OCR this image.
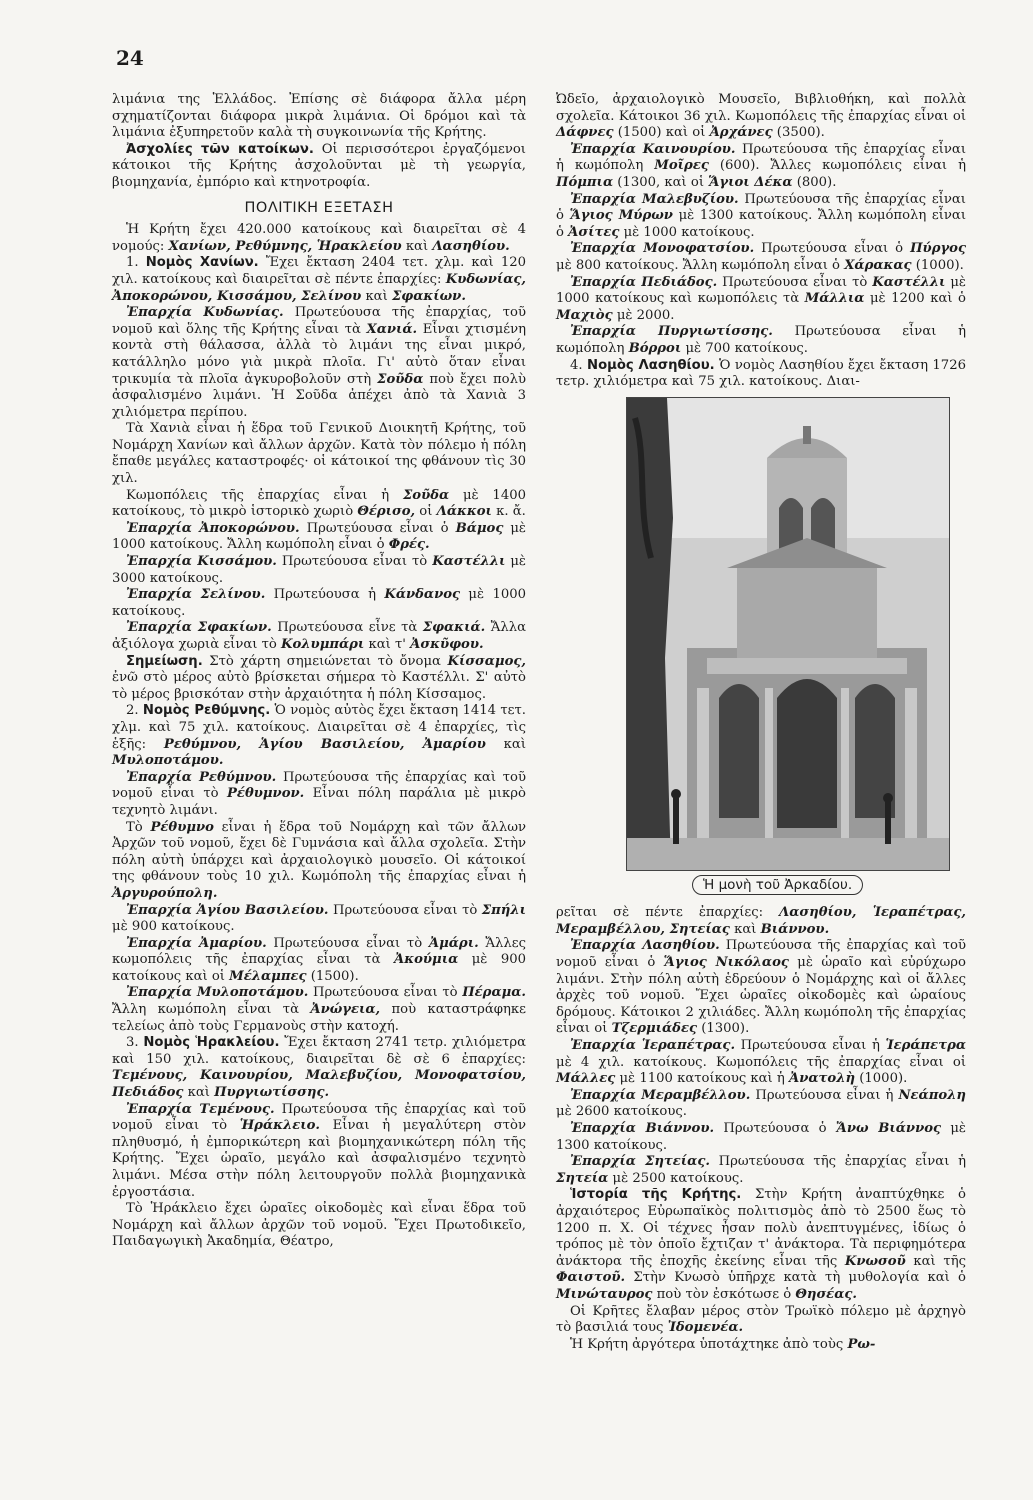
24

λιμάνια της Ἑλλάδος. Ἐπίσης σὲ διάφορα ἄλλα μέρη σχηματίζονται διάφορα μικρὰ λιμάνια. Οἱ δρόμοι καὶ τὰ λιμάνια ἐξυπηρετοῦν καλὰ τὴ συγκοινωνία τῆς Κρήτης.

Ἀσχολίες τῶν κατοίκων. Οἱ περισσότεροι ἐργαζόμενοι κάτοικοι τῆς Κρήτης ἀσχολοῦνται μὲ τὴ γεωργία, βιομηχανία, ἐμπόριο καὶ κτηνοτροφία.

ΠΟΛΙΤΙΚΗ ΕΞΕΤΑΣΗ

Ἡ Κρήτη ἔχει 420.000 κατοίκους καὶ διαιρεῖται σὲ 4 νομούς: Χανίων, Ρεθύμνης, Ἡρακλείου καὶ Λασηθίου.

1. Νομὸς Χανίων. Ἔχει ἔκταση 2404 τετ. χλμ. καὶ 120 χιλ. κατοίκους καὶ διαιρεῖται σὲ πέντε ἐπαρχίες: Κυδωνίας, Ἀποκορώνου, Κισσάμου, Σελίνου καὶ Σφακίων.

Ἐπαρχία Κυδωνίας. Πρωτεύουσα τῆς ἐπαρχίας, τοῦ νομοῦ καὶ ὅλης τῆς Κρήτης εἶναι τὰ Χανιά. Εἶναι χτισμένη κοντὰ στὴ θάλασσα, ἀλλὰ τὸ λιμάνι της εἶναι μικρό, κατάλληλο μόνο γιὰ μικρὰ πλοῖα. Γι' αὐτὸ ὅταν εἶναι τρικυμία τὰ πλοῖα ἀγκυροβολοῦν στὴ Σοῦδα ποὺ ἔχει πολὺ ἀσφαλισμένο λιμάνι. Ἡ Σοῦδα ἀπέχει ἀπὸ τὰ Χανιὰ 3 χιλιόμετρα περίπου.

Τὰ Χανιὰ εἶναι ἡ ἕδρα τοῦ Γενικοῦ Διοικητῆ Κρήτης, τοῦ Νομάρχη Χανίων καὶ ἄλλων ἀρχῶν. Κατὰ τὸν πόλεμο ἡ πόλη ἔπαθε μεγάλες καταστροφές· οἱ κάτοικοί της φθάνουν τὶς 30 χιλ.

Κωμοπόλεις τῆς ἐπαρχίας εἶναι ἡ Σοῦδα μὲ 1400 κατοίκους, τὸ μικρὸ ἱστορικὸ χωριὸ Θέρισο, οἱ Λάκκοι κ. ἄ.

Ἐπαρχία Ἀποκορώνου. Πρωτεύουσα εἶναι ὁ Βάμος μὲ 1000 κατοίκους. Ἄλλη κωμόπολη εἶναι ὁ Φρές.

Ἐπαρχία Κισσάμου. Πρωτεύουσα εἶναι τὸ Καστέλλι μὲ 3000 κατοίκους.

Ἐπαρχία Σελίνου. Πρωτεύουσα ἡ Κάνδανος μὲ 1000 κατοίκους.

Ἐπαρχία Σφακίων. Πρωτεύουσα εἶνε τὰ Σφακιά. Ἄλλα ἀξιόλογα χωριὰ εἶναι τὸ Κολυμπάρι καὶ τ' Ἀσκῦφου.

Σημείωση. Στὸ χάρτη σημειώνεται τὸ ὄνομα Κίσσαμος, ἐνῶ στὸ μέρος αὐτὸ βρίσκεται σήμερα τὸ Καστέλλι. Σ' αὐτὸ τὸ μέρος βρισκόταν στὴν ἀρχαιότητα ἡ πόλη Κίσσαμος.

2. Νομὸς Ρεθύμνης. Ὁ νομὸς αὐτὸς ἔχει ἔκταση 1414 τετ. χλμ. καὶ 75 χιλ. κατοίκους. Διαιρεῖται σὲ 4 ἐπαρχίες, τὶς ἑξῆς: Ρεθύμνου, Ἁγίου Βασιλείου, Ἀμαρίου καὶ Μυλοποτάμου.

Ἐπαρχία Ρεθύμνου. Πρωτεύουσα τῆς ἐπαρχίας καὶ τοῦ νομοῦ εἶναι τὸ Ρέθυμνον. Εἶναι πόλη παράλια μὲ μικρὸ τεχνητὸ λιμάνι.

Τὸ Ρέθυμνο εἶναι ἡ ἕδρα τοῦ Νομάρχη καὶ τῶν ἄλλων Ἀρχῶν τοῦ νομοῦ, ἔχει δὲ Γυμνάσια καὶ ἄλλα σχολεῖα. Στὴν πόλη αὐτὴ ὑπάρχει καὶ ἀρχαιολογικὸ μουσεῖο. Οἱ κάτοικοί της φθάνουν τοὺς 10 χιλ. Κωμόπολη τῆς ἐπαρχίας εἶναι ἡ Ἀργυρούπολη.

Ἐπαρχία Ἁγίου Βασιλείου. Πρωτεύουσα εἶναι τὸ Σπήλι μὲ 900 κατοίκους.

Ἐπαρχία Ἀμαρίου. Πρωτεύουσα εἶναι τὸ Ἀμάρι. Ἄλλες κωμοπόλεις τῆς ἐπαρχίας εἶναι τὰ Ἀκούμια μὲ 900 κατοίκους καὶ οἱ Μέλαμπες (1500).

Ἐπαρχία Μυλοποτάμου. Πρωτεύουσα εἶναι τὸ Πέραμα. Ἄλλη κωμόπολη εἶναι τὰ Ἀνώγεια, ποὺ καταστράφηκε τελείως ἀπὸ τοὺς Γερμανοὺς στὴν κατοχή.

3. Νομὸς Ἡρακλείου. Ἔχει ἔκταση 2741 τετρ. χιλιόμετρα καὶ 150 χιλ. κατοίκους, διαιρεῖται δὲ σὲ 6 ἐπαρχίες: Τεμένους, Καινουρίου, Μαλεβυζίου, Μονοφατσίου, Πεδιάδος καὶ Πυργιωτίσσης.

Ἐπαρχία Τεμένους. Πρωτεύουσα τῆς ἐπαρχίας καὶ τοῦ νομοῦ εἶναι τὸ Ἡράκλειο. Εἶναι ἡ μεγαλύτερη στὸν πληθυσμό, ἡ ἐμπορικώτερη καὶ βιομηχανικώτερη πόλη τῆς Κρήτης. Ἔχει ὡραῖο, μεγάλο καὶ ἀσφαλισμένο τεχνητὸ λιμάνι. Μέσα στὴν πόλη λειτουργοῦν πολλὰ βιομηχανικὰ ἐργοστάσια.

Τὸ Ἡράκλειο ἔχει ὡραῖες οἰκοδομὲς καὶ εἶναι ἕδρα τοῦ Νομάρχη καὶ ἄλλων ἀρχῶν τοῦ νομοῦ. Ἔχει Πρωτοδικεῖο, Παιδαγωγικὴ Ἀκαδημία, Θέατρο,

Ὠδεῖο, ἀρχαιολογικὸ Μουσεῖο, Βιβλιοθήκη, καὶ πολλὰ σχολεῖα. Κάτοικοι 36 χιλ. Κωμοπόλεις τῆς ἐπαρχίας εἶναι οἱ Δάφνες (1500) καὶ οἱ Ἀρχάνες (3500).

Ἐπαρχία Καινουρίου. Πρωτεύουσα τῆς ἐπαρχίας εἶναι ἡ κωμόπολη Μοῖρες (600). Ἄλλες κωμοπόλεις εἶναι ἡ Πόμπια (1300, καὶ οἱ Ἅγιοι Δέκα (800).

Ἐπαρχία Μαλεβυζίου. Πρωτεύουσα τῆς ἐπαρχίας εἶναι ὁ Ἅγιος Μύρων μὲ 1300 κατοίκους. Ἄλλη κωμόπολη εἶναι ὁ Ἀσίτες μὲ 1000 κατοίκους.

Ἐπαρχία Μονοφατσίου. Πρωτεύουσα εἶναι ὁ Πύργος μὲ 800 κατοίκους. Ἄλλη κωμόπολη εἶναι ὁ Χάρακας (1000).

Ἐπαρχία Πεδιάδος. Πρωτεύουσα εἶναι τὸ Καστέλλι μὲ 1000 κατοίκους καὶ κωμοπόλεις τὰ Μάλλια μὲ 1200 καὶ ὁ Μαχιὸς μὲ 2000.

Ἐπαρχία Πυργιωτίσσης. Πρωτεύουσα εἶναι ἡ κωμόπολη Βόρροι μὲ 700 κατοίκους.

4. Νομὸς Λασηθίου. Ὁ νομὸς Λασηθίου ἔχει ἔκταση 1726 τετρ. χιλιόμετρα καὶ 75 χιλ. κατοίκους. Διαι-

Ἡ μονὴ τοῦ Ἀρκαδίου.

ρεῖται σὲ πέντε ἐπαρχίες: Λασηθίου, Ἱεραπέτρας, Μεραμβέλλου, Σητείας καὶ Βιάννου.

Ἐπαρχία Λασηθίου. Πρωτεύουσα τῆς ἐπαρχίας καὶ τοῦ νομοῦ εἶναι ὁ Ἅγιος Νικόλαος μὲ ὡραῖο καὶ εὐρύχωρο λιμάνι. Στὴν πόλη αὐτὴ ἑδρεύουν ὁ Νομάρχης καὶ οἱ ἄλλες ἀρχὲς τοῦ νομοῦ. Ἔχει ὡραῖες οἰκοδομὲς καὶ ὡραίους δρόμους. Κάτοικοι 2 χιλιάδες. Ἄλλη κωμόπολη τῆς ἐπαρχίας εἶναι οἱ Τζερμιάδες (1300).

Ἐπαρχία Ἱεραπέτρας. Πρωτεύουσα εἶναι ἡ Ἱεράπετρα μὲ 4 χιλ. κατοίκους. Κωμοπόλεις τῆς ἐπαρχίας εἶναι οἱ Μάλλες μὲ 1100 κατοίκους καὶ ἡ Ἀνατολὴ (1000).

Ἐπαρχία Μεραμβέλλου. Πρωτεύουσα εἶναι ἡ Νεάπολη μὲ 2600 κατοίκους.

Ἐπαρχία Βιάννου. Πρωτεύουσα ὁ Ἄνω Βιάννος μὲ 1300 κατοίκους.

Ἐπαρχία Σητείας. Πρωτεύουσα τῆς ἐπαρχίας εἶναι ἡ Σητεία μὲ 2500 κατοίκους.

Ἱστορία τῆς Κρήτης. Στὴν Κρήτη ἀναπτύχθηκε ὁ ἀρχαιότερος Εὐρωπαϊκὸς πολιτισμὸς ἀπὸ τὸ 2500 ἕως τὸ 1200 π. Χ. Οἱ τέχνες ἦσαν πολὺ ἀνεπτυγμένες, ἰδίως ὁ τρόπος μὲ τὸν ὁποῖο ἔχτιζαν τ' ἀνάκτορα. Τὰ περιφημότερα ἀνάκτορα τῆς ἐποχῆς ἐκείνης εἶναι τῆς Κνωσοῦ καὶ τῆς Φαιστοῦ. Στὴν Κνωσὸ ὑπῆρχε κατὰ τὴ μυθολογία καὶ ὁ Μινώταυρος ποὺ τὸν ἐσκότωσε ὁ Θησέας.

Οἱ Κρῆτες ἔλαβαν μέρος στὸν Τρωϊκὸ πόλεμο μὲ ἀρχηγὸ τὸ βασιλιά τους Ἰδομενέα.

Ἡ Κρήτη ἀργότερα ὑποτάχτηκε ἀπὸ τοὺς Ρω-
